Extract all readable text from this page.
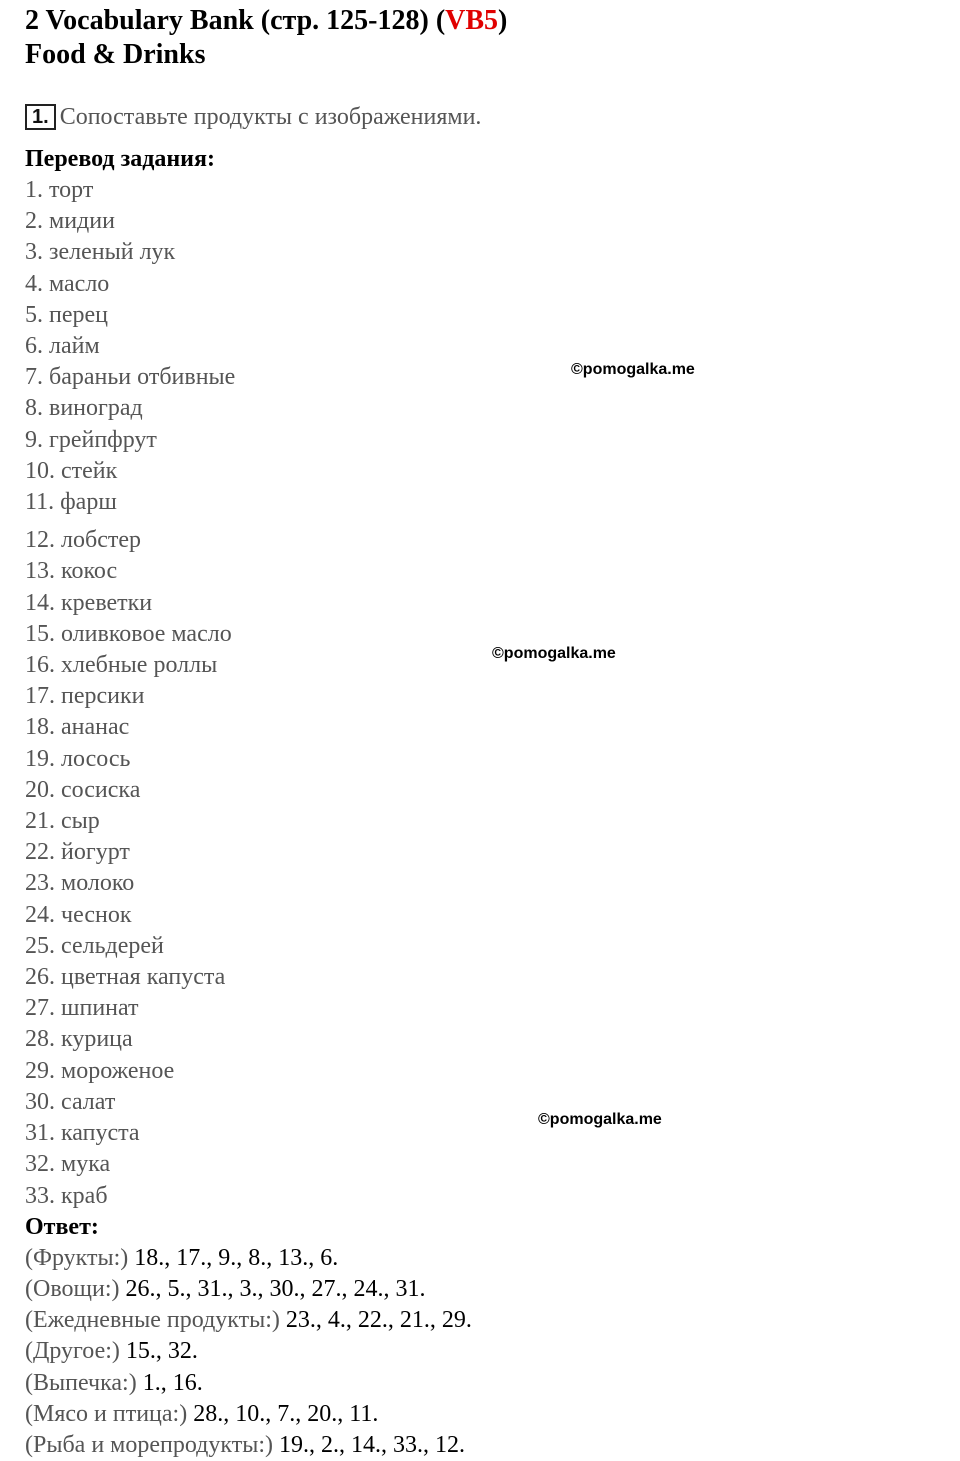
2 Vocabulary Bank (стр. 125-128) (VB5)
Food & Drinks
1. Сопоставьте продукты с изображениями.
Перевод задания:
1. торт
2. мидии
3. зеленый лук
4. масло
5. перец
6. лайм
7. бараньи отбивные
8. виноград
9. грейпфрут
10. стейк
11. фарш
12. лобстер
13. кокос
14. креветки
15. оливковое масло
16. хлебные роллы
17. персики
18. ананас
19. лосось
20. сосиска
21. сыр
22. йогурт
23. молоко
24. чеснок
25. сельдерей
26. цветная капуста
27. шпинат
28. курица
29. мороженое
30. салат
31. капуста
32. мука
33. краб
Ответ:
(Фрукты:) 18., 17., 9., 8., 13., 6.
(Овощи:) 26., 5., 31., 3., 30., 27., 24., 31.
(Ежедневные продукты:) 23., 4., 22., 21., 29.
(Другое:) 15., 32.
(Выпечка:) 1., 16.
(Мясо и птица:) 28., 10., 7., 20., 11.
(Рыба и морепродукты:) 19., 2., 14., 33., 12.
©pomogalka.me
©pomogalka.me
©pomogalka.me
